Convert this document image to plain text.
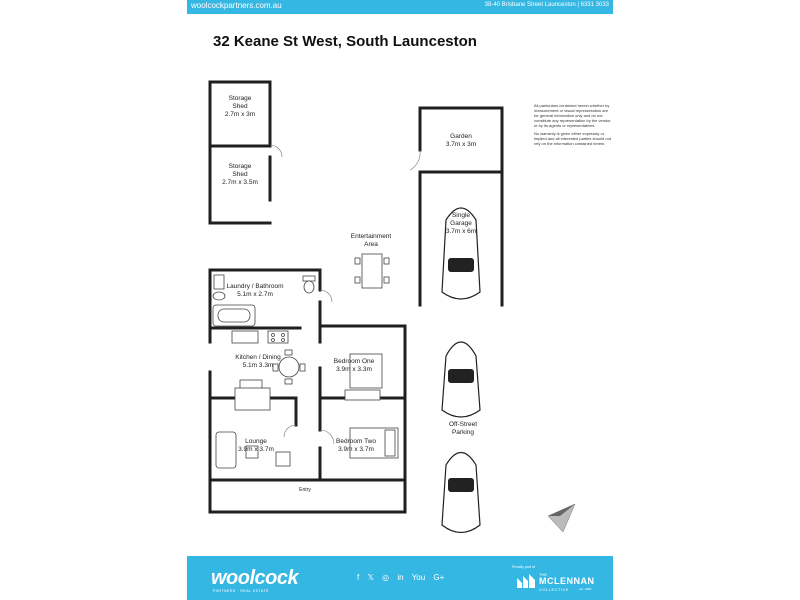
woolcockpartners.com.au	38-40 Brisbane Street Launceston | 6331 3033
32 Keane St West, South Launceston
Storage
Shed
2.7m x 3m
Storage
Shed
2.7m x 3.5m
Garden
3.7m x 3m
Single
Garage
3.7m x 6m
Entertainment
Area
Laundry / Bathroom
5.1m x 2.7m
Kitchen / Dining
5.1m 3.3m
Bedroom One
3.9m x 3.3m
Lounge
3.9m x 3.7m
Bedroom Two
3.9m x 3.7m
Off-Street
Parking
Entry

All particulars contained herein whether by measurement or visual representation are for general information only and do not constitute any representation by the vendor or by its agents or representatives.

No warranty is given either expressly or implied and all interested parties should not rely on the information contained herein.

woolcock
PARTNERS · REAL ESTATE
f 𝕏 ◎ in You G+
Proudly part of
THE
MCLENNAN
COLLECTIVE	est. 1980
